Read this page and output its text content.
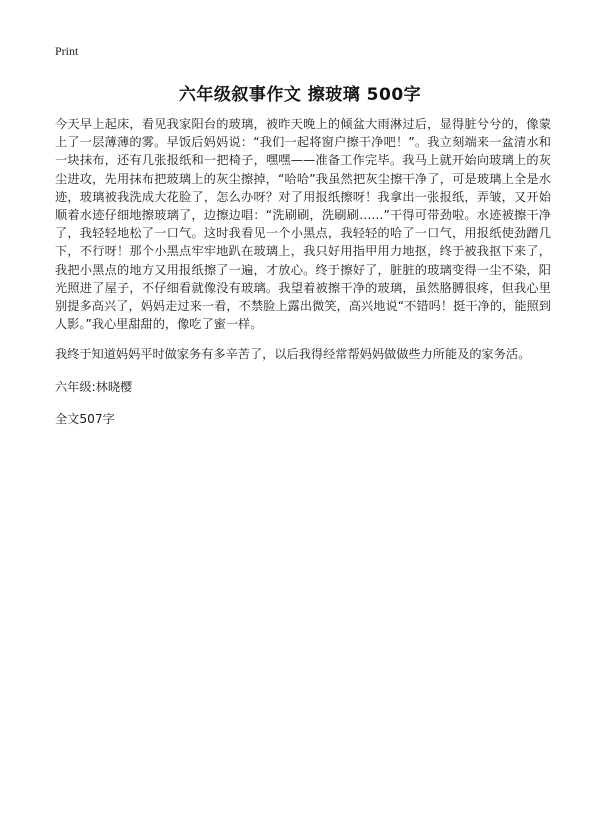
Print
六年级叙事作文 擦玻璃 500字

今天早上起床，看见我家阳台的玻璃，被昨天晚上的倾盆大雨淋过后，显得脏兮兮的，像蒙上了一层薄薄的雾。早饭后妈妈说：“我们一起将窗户擦干净吧！”。我立刻端来一盆清水和一块抹布，还有几张报纸和一把椅子，嘿嘿——准备工作完毕。我马上就开始向玻璃上的灰尘进攻，先用抹布把玻璃上的灰尘擦掉，“哈哈”我虽然把灰尘擦干净了，可是玻璃上全是水迹，玻璃被我洗成大花脸了，怎么办呀？对了用报纸擦呀！我拿出一张报纸，弄皱，又开始顺着水迹仔细地擦玻璃了，边擦边唱：“洗刷刷，洗刷刷……”干得可带劲啦。水迹被擦干净了，我轻轻地松了一口气。这时我看见一个小黑点，我轻轻的哈了一口气，用报纸使劲蹭几下，不行呀！那个小黑点牢牢地趴在玻璃上，我只好用指甲用力地抠，终于被我抠下来了，我把小黑点的地方又用报纸擦了一遍，才放心。终于擦好了，脏脏的玻璃变得一尘不染，阳光照进了屋子，不仔细看就像没有玻璃。我望着被擦干净的玻璃，虽然胳膊很疼，但我心里别提多高兴了，妈妈走过来一看，不禁脸上露出微笑，高兴地说“不错吗！挺干净的，能照到人影。”我心里甜甜的，像吃了蜜一样。

我终于知道妈妈平时做家务有多辛苦了，以后我得经常帮妈妈做做些力所能及的家务活。

六年级:林晓樱

全文507字
